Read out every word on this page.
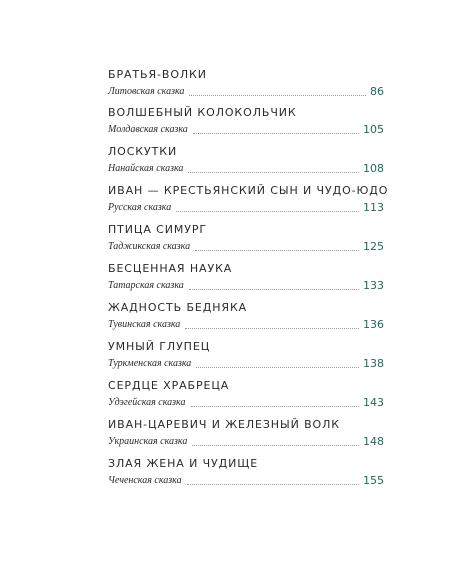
БРАТЬЯ-ВОЛКИ
Литовская сказка	86
ВОЛШЕБНЫЙ КОЛОКОЛЬЧИК
Молдавская сказка	105
ЛОСКУТКИ
Нанайская сказка	108
ИВАН — КРЕСТЬЯНСКИЙ СЫН И ЧУДО-ЮДО
Русская сказка	113
ПТИЦА СИМУРГ
Таджикская сказка	125
БЕСЦЕННАЯ НАУКА
Татарская сказка	133
ЖАДНОСТЬ БЕДНЯКА
Тувинская сказка	136
УМНЫЙ ГЛУПЕЦ
Туркменская сказка	138
СЕРДЦЕ ХРАБРЕЦА
Удэгейская сказка	143
ИВАН-ЦАРЕВИЧ И ЖЕЛЕЗНЫЙ ВОЛК
Украинская сказка	148
ЗЛАЯ ЖЕНА И ЧУДИЩЕ
Чеченская сказка	155
